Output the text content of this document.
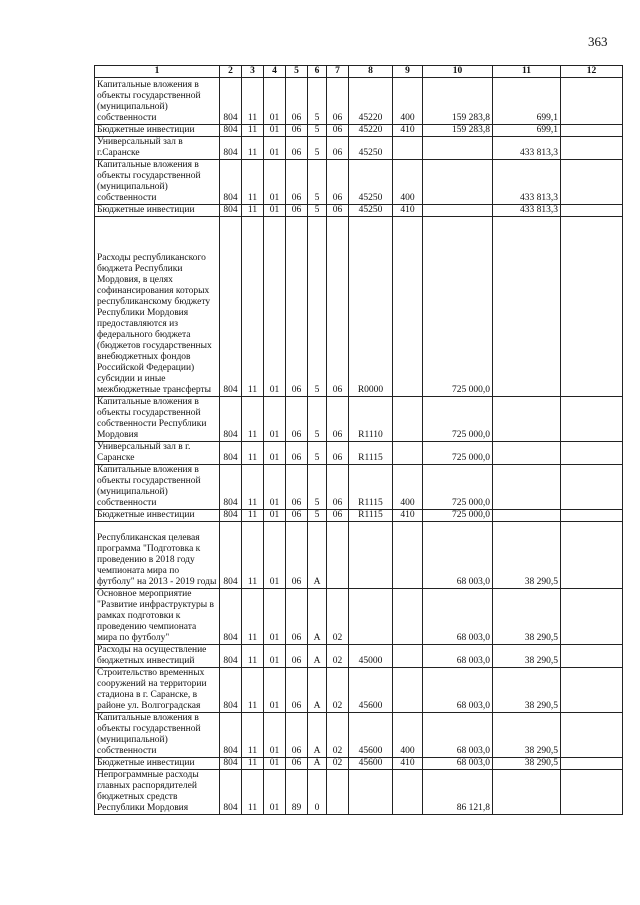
363
1	2	3	4	5	6	7	8	9	10	11	12
Капитальные вложения в объекты государственной (муниципальной) собственности	804	11	01	06	5	06	45220	400	159 283,8	699,1	
Бюджетные инвестиции	804	11	01	06	5	06	45220	410	159 283,8	699,1	
Универсальный зал в г.Саранске	804	11	01	06	5	06	45250			433 813,3	
Капитальные вложения в объекты государственной (муниципальной) собственности	804	11	01	06	5	06	45250	400		433 813,3	
Бюджетные инвестиции	804	11	01	06	5	06	45250	410		433 813,3	
Расходы республиканского бюджета Республики Мордовия, в целях софинансирования которых республиканскому бюджету Республики Мордовия предоставляются из федерального бюджета (бюджетов государственных внебюджетных фондов Российской Федерации) субсидии и иные межбюджетные трансферты	804	11	01	06	5	06	R0000		725 000,0		
Капитальные вложения в объекты государственной собственности Республики Мордовия	804	11	01	06	5	06	R1110		725 000,0		
Универсальный зал в г. Саранске	804	11	01	06	5	06	R1115		725 000,0		
Капитальные вложения в объекты государственной (муниципальной) собственности	804	11	01	06	5	06	R1115	400	725 000,0		
Бюджетные инвестиции	804	11	01	06	5	06	R1115	410	725 000,0		
Республиканская целевая программа "Подготовка к проведению в 2018 году чемпионата мира по футболу" на 2013 - 2019 годы	804	11	01	06	А				68 003,0	38 290,5	
Основное мероприятие "Развитие инфраструктуры в рамках подготовки к проведению чемпионата мира по футболу"	804	11	01	06	А	02			68 003,0	38 290,5	
Расходы на осуществление бюджетных инвестиций	804	11	01	06	А	02	45000		68 003,0	38 290,5	
Строительство временных сооружений на территории стадиона в г. Саранске, в районе ул. Волгоградская	804	11	01	06	А	02	45600		68 003,0	38 290,5	
Капитальные вложения в объекты государственной (муниципальной) собственности	804	11	01	06	А	02	45600	400	68 003,0	38 290,5	
Бюджетные инвестиции	804	11	01	06	А	02	45600	410	68 003,0	38 290,5	
Непрограммные расходы главных распорядителей бюджетных средств Республики Мордовия	804	11	01	89	0				86 121,8		
